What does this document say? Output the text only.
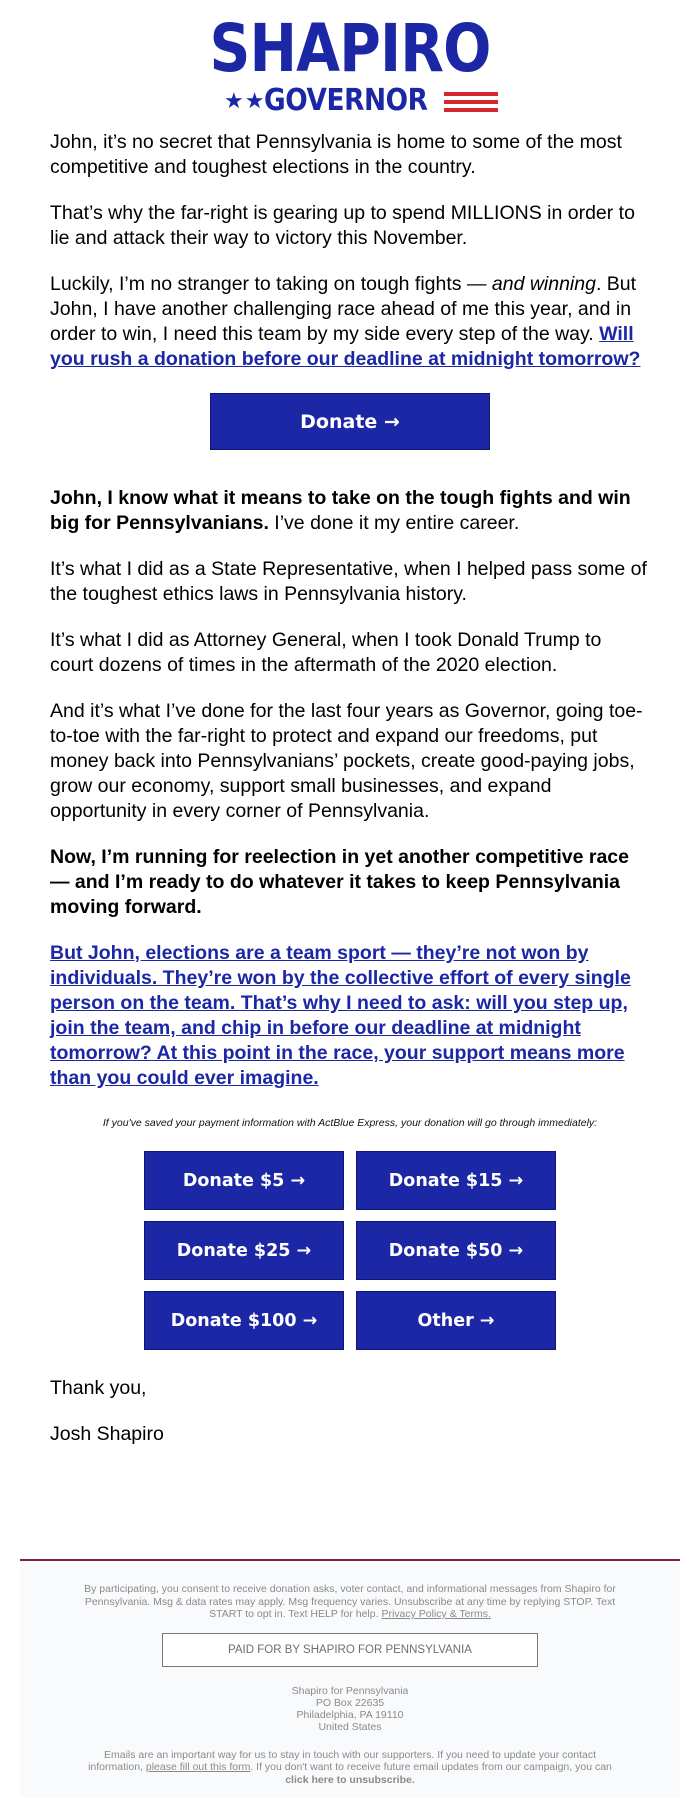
SHAPIRO
★★
GOVERNOR

John, it’s no secret that Pennsylvania is home to some of the most competitive and toughest elections in the country.

That’s why the far-right is gearing up to spend MILLIONS in order to lie and attack their way to victory this November.

Luckily, I’m no stranger to taking on tough fights — and winning. But John, I have another challenging race ahead of me this year, and in order to win, I need this team by my side every step of the way. Will you rush a donation before our deadline at midnight tomorrow?

Donate →

John, I know what it means to take on the tough fights and win big for Pennsylvanians. I’ve done it my entire career.

It’s what I did as a State Representative, when I helped pass some of the toughest ethics laws in Pennsylvania history.

It’s what I did as Attorney General, when I took Donald Trump to court dozens of times in the aftermath of the 2020 election.

And it’s what I’ve done for the last four years as Governor, going toe-to-toe with the far-right to protect and expand our freedoms, put money back into Pennsylvanians’ pockets, create good-paying jobs, grow our economy, support small businesses, and expand opportunity in every corner of Pennsylvania.

Now, I’m running for reelection in yet another competitive race — and I’m ready to do whatever it takes to keep Pennsylvania moving forward.

But John, elections are a team sport — they’re not won by individuals. They’re won by the collective effort of every single person on the team. That’s why I need to ask: will you step up, join the team, and chip in before our deadline at midnight tomorrow? At this point in the race, your support means more than you could ever imagine.

If you've saved your payment information with ActBlue Express, your donation will go through immediately:
Donate $5 →	Donate $15 →
Donate $25 →	Donate $50 →
Donate $100 →	Other →

Thank you,

Josh Shapiro

By participating, you consent to receive donation asks, voter contact, and informational messages from Shapiro for Pennsylvania. Msg & data rates may apply. Msg frequency varies. Unsubscribe at any time by replying STOP. Text START to opt in. Text HELP for help. Privacy Policy & Terms.
PAID FOR BY SHAPIRO FOR PENNSYLVANIA
Shapiro for Pennsylvania
PO Box 22635
Philadelphia, PA 19110
United States
Emails are an important way for us to stay in touch with our supporters. If you need to update your contact information, please fill out this form. If you don't want to receive future email updates from our campaign, you can click here to unsubscribe.
